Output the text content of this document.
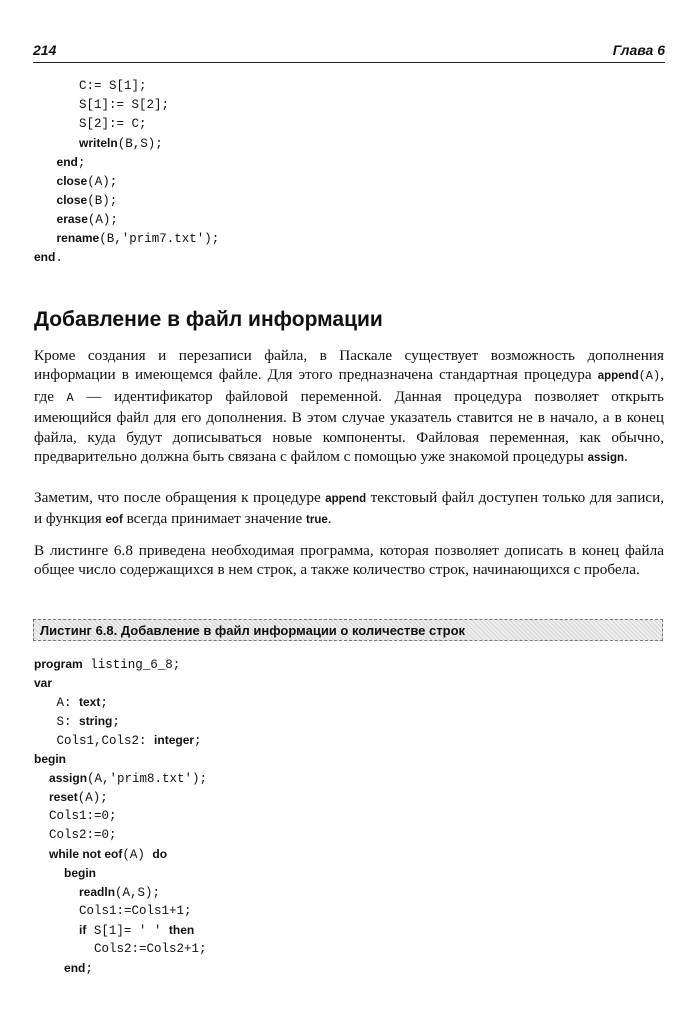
214	Глава 6
C:= S[1];
S[1]:= S[2];
S[2]:= C;
writeln(B,S);
end;
close(A);
close(B);
erase(A);
rename(B,'prim7.txt');
end.
Добавление в файл информации
Кроме создания и перезаписи файла, в Паскале существует возможность дополнения информации в имеющемся файле. Для этого предназначена стандартная процедура append(A), где A — идентификатор файловой переменной. Данная процедура позволяет открыть имеющийся файл для его дополнения. В этом случае указатель ставится не в начало, а в конец файла, куда будут дописываться новые компоненты. Файловая переменная, как обычно, предварительно должна быть связана с файлом с помощью уже знакомой процедуры assign.
Заметим, что после обращения к процедуре append текстовый файл доступен только для записи, и функция eof всегда принимает значение true.
В листинге 6.8 приведена необходимая программа, которая позволяет дописать в конец файла общее число содержащихся в нем строк, а также количество строк, начинающихся с пробела.
Листинг 6.8. Добавление в файл информации о количестве строк
program listing_6_8;
var
A: text;
S: string;
Cols1,Cols2: integer;
begin
assign(A,'prim8.txt');
reset(A);
Cols1:=0;
Cols2:=0;
while not eof(A) do
begin
readln(A,S);
Cols1:=Cols1+1;
if S[1]= ' ' then
Cols2:=Cols2+1;
end;
